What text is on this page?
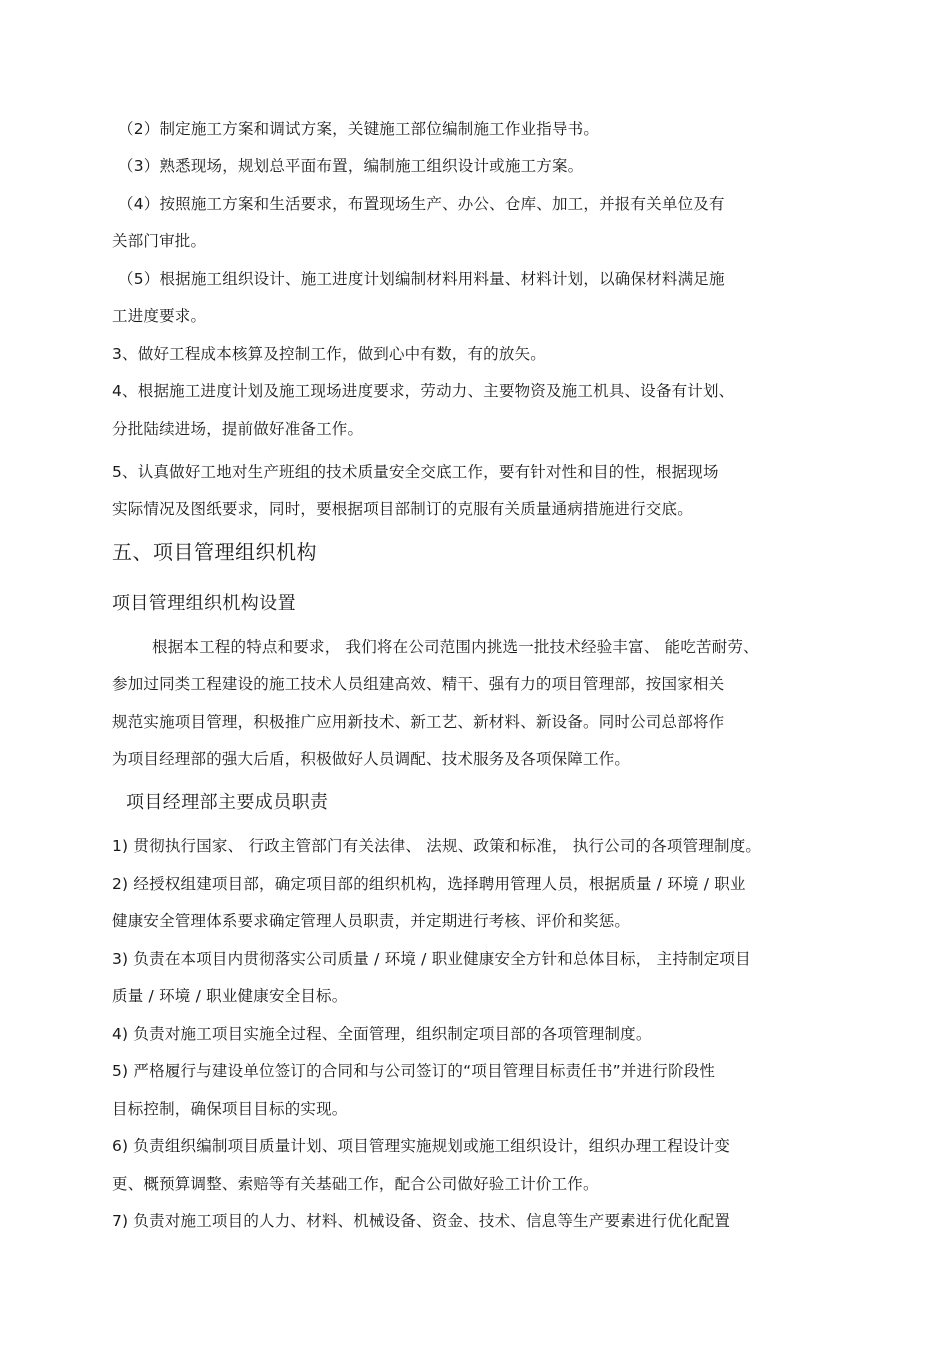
（2）制定施工方案和调试方案，关键施工部位编制施工作业指导书。
（3）熟悉现场，规划总平面布置，编制施工组织设计或施工方案。
（4）按照施工方案和生活要求，布置现场生产、办公、仓库、加工，并报有关单位及有
关部门审批。
（5）根据施工组织设计、施工进度计划编制材料用料量、材料计划，以确保材料满足施
工进度要求。
3、做好工程成本核算及控制工作，做到心中有数，有的放矢。
4、根据施工进度计划及施工现场进度要求，劳动力、主要物资及施工机具、设备有计划、
分批陆续进场，提前做好准备工作。
5、认真做好工地对生产班组的技术质量安全交底工作，要有针对性和目的性，根据现场
实际情况及图纸要求，同时，要根据项目部制订的克服有关质量通病措施进行交底。
五、项目管理组织机构
项目管理组织机构设置
根据本工程的特点和要求， 我们将在公司范围内挑选一批技术经验丰富、 能吃苦耐劳、
参加过同类工程建设的施工技术人员组建高效、精干、强有力的项目管理部，按国家相关
规范实施项目管理，积极推广应用新技术、新工艺、新材料、新设备。同时公司总部将作
为项目经理部的强大后盾，积极做好人员调配、技术服务及各项保障工作。
项目经理部主要成员职责
1) 贯彻执行国家、 行政主管部门有关法律、 法规、政策和标准， 执行公司的各项管理制度。
2) 经授权组建项目部，确定项目部的组织机构，选择聘用管理人员，根据质量 / 环境 / 职业
健康安全管理体系要求确定管理人员职责，并定期进行考核、评价和奖惩。
3) 负责在本项目内贯彻落实公司质量 / 环境 / 职业健康安全方针和总体目标， 主持制定项目
质量 / 环境 / 职业健康安全目标。
4) 负责对施工项目实施全过程、全面管理，组织制定项目部的各项管理制度。
5) 严格履行与建设单位签订的合同和与公司签订的“项目管理目标责任书”并进行阶段性
目标控制，确保项目目标的实现。
6) 负责组织编制项目质量计划、项目管理实施规划或施工组织设计，组织办理工程设计变
更、概预算调整、索赔等有关基础工作，配合公司做好验工计价工作。
7) 负责对施工项目的人力、材料、机械设备、资金、技术、信息等生产要素进行优化配置
